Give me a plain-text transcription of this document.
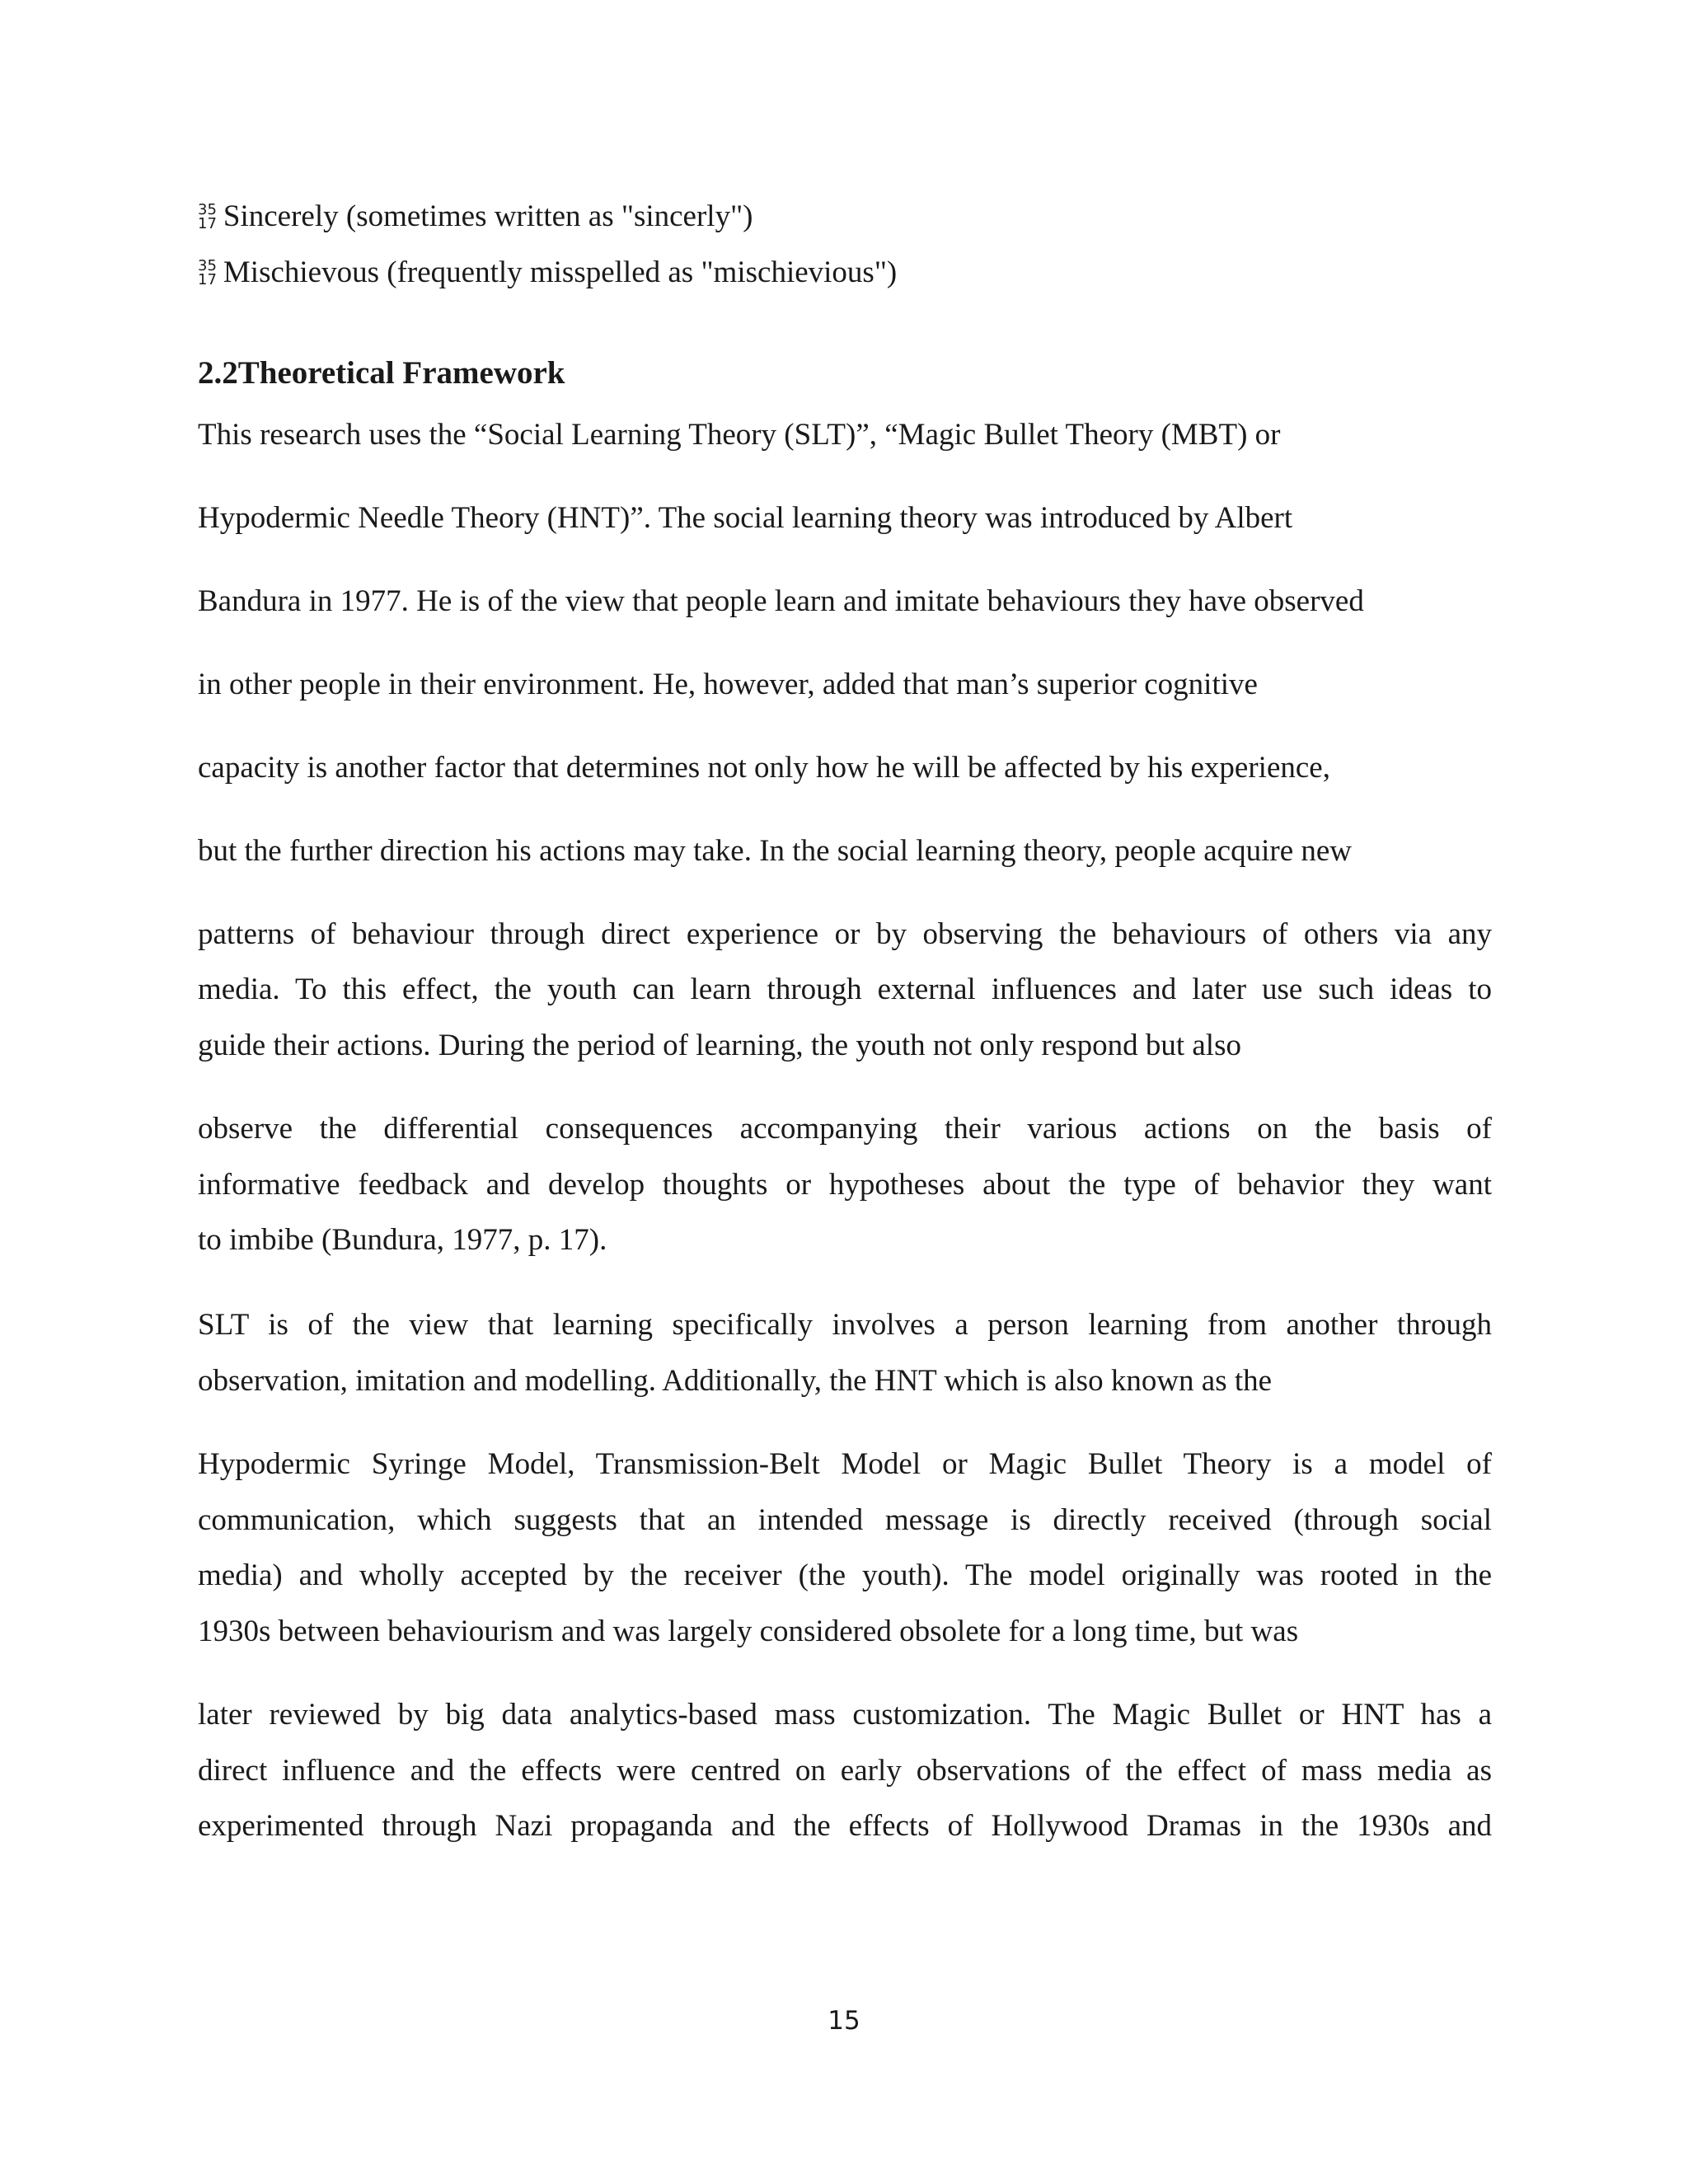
35
17 Sincerely (sometimes written as "sincerly")
35
17 Mischievous (frequently misspelled as "mischievious")
2.2Theoretical Framework
This research uses the “Social Learning Theory (SLT)”, “Magic Bullet Theory (MBT) or
Hypodermic Needle Theory (HNT)”. The social learning theory was introduced by Albert
Bandura in 1977. He is of the view that people learn and imitate behaviours they have observed
in other people in their environment. He, however, added that man’s superior cognitive
capacity is another factor that determines not only how he will be affected by his experience,
but the further direction his actions may take. In the social learning theory, people acquire new
patterns of behaviour through direct experience or by observing the behaviours of others via any
media. To this effect, the youth can learn through external influences and later use such ideas to
guide their actions. During the period of learning, the youth not only respond but also
observe the differential consequences accompanying their various actions on the basis of
informative feedback and develop thoughts or hypotheses about the type of behavior they want
to imbibe (Bundura, 1977, p. 17).
SLT is of the view that learning specifically involves a person learning from another through
observation, imitation and modelling. Additionally, the HNT which is also known as the
Hypodermic Syringe Model, Transmission-Belt Model or Magic Bullet Theory is a model of
communication, which suggests that an intended message is directly received (through social
media) and wholly accepted by the receiver (the youth). The model originally was rooted in the
1930s between behaviourism and was largely considered obsolete for a long time, but was
later reviewed by big data analytics-based mass customization. The Magic Bullet or HNT has a
direct influence and the effects were centred on early observations of the effect of mass media as
experimented through Nazi propaganda and the effects of Hollywood Dramas in the 1930s and
15
